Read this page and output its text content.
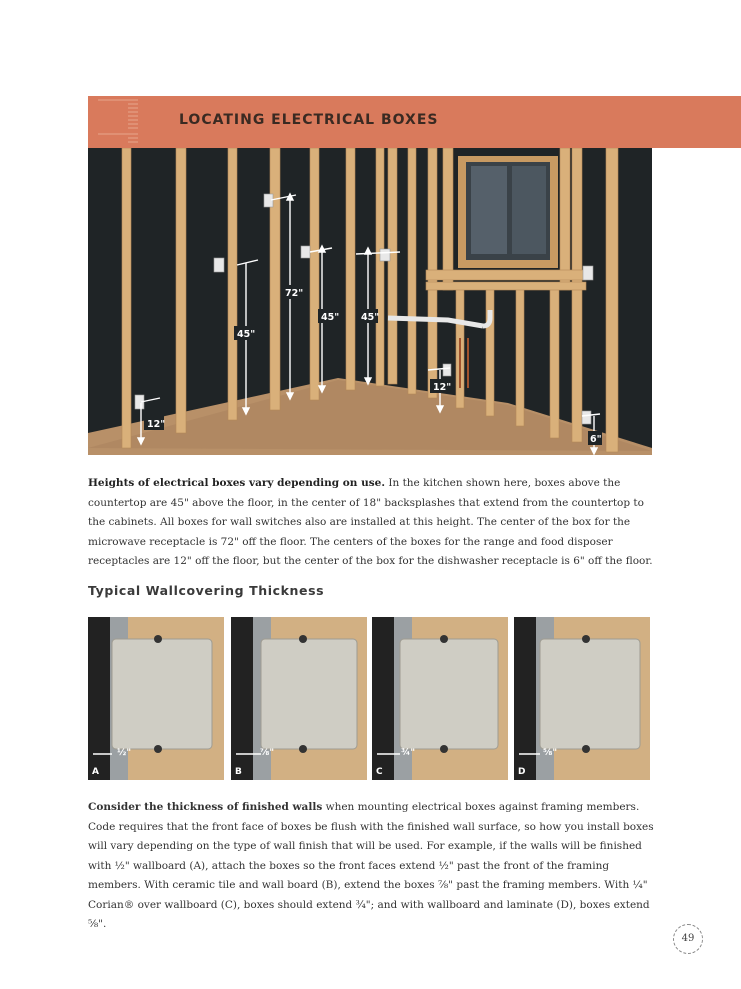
LOCATING ELECTRICAL BOXES
12"
45"
72"
45" 45"
12"
6"
Heights of electrical boxes vary depending on use. In the kitchen shown here, boxes above the countertop are 45" above the floor, in the center of 18" backsplashes that extend from the countertop to the cabinets. All boxes for wall switches also are installed at this height. The center of the box for the microwave receptacle is 72" off the floor. The centers of the boxes for the range and food disposer receptacles are 12" off the floor, but the center of the box for the dishwasher receptacle is 6" off the floor.
Typical Wallcovering Thickness
½"
A
⅞"
B
¾"
C
⅝"
D
Consider the thickness of finished walls when mounting electrical boxes against framing members. Code requires that the front face of boxes be flush with the finished wall surface, so how you install boxes will vary depending on the type of wall finish that will be used. For example, if the walls will be finished with ½" wallboard (A), attach the boxes so the front faces extend ½" past the front of the framing members. With ceramic tile and wall board (B), extend the boxes ⅞" past the framing members. With ¼" Corian® over wallboard (C), boxes should extend ¾"; and with wallboard and laminate (D), boxes extend ⅝".
49
